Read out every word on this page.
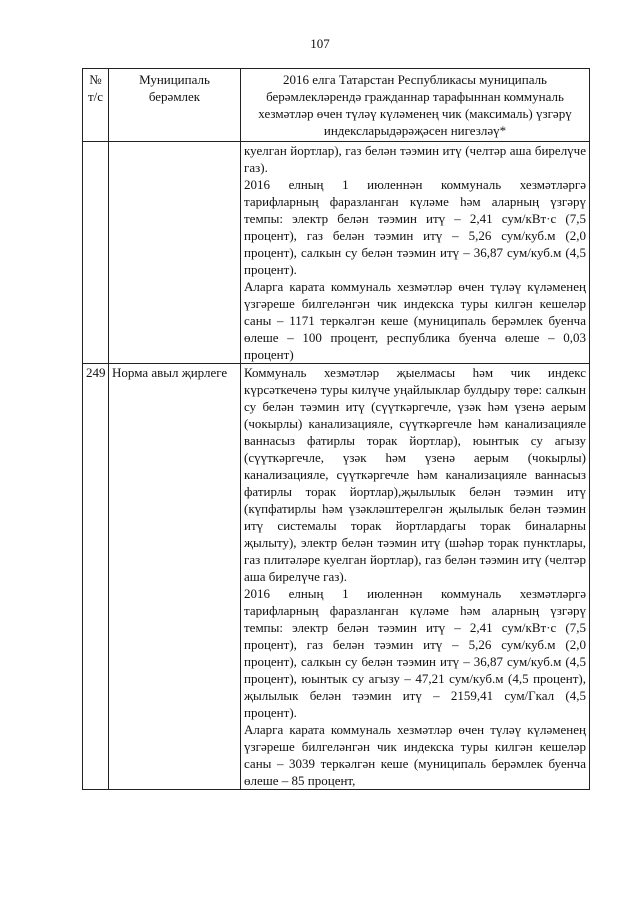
107
№ т/с	Муниципаль берәмлек	2016 елга Татарстан Республикасы муниципаль берәмлекләрендә гражданнар тарафыннан коммуналь хезмәтләр өчен түләү күләменең чик (максималь) үзгәрү индексларыдәрәҗәсен нигезләү*

		куелган йортлар), газ белән тәэмин итү (челтәр аша бирелүче газ).

2016 елның 1 июленнән коммуналь хезмәтләргә тарифларның фаразланган күләме һәм аларның үзгәрү темпы: электр белән тәэмин итү – 2,41 сум/кВт·с (7,5 процент), газ белән тәэмин итү – 5,26 сум/куб.м (2,0 процент), салкын су белән тәэмин итү – 36,87 сум/куб.м (4,5 процент).

Аларга карата коммуналь хезмәтләр өчен түләү күләменең үзгәреше билгеләнгән чик индекска туры килгән кешеләр саны – 1171 теркәлгән кеше (муниципаль берәмлек буенча өлеше – 100 процент, республика буенча өлеше – 0,03 процент)

249	Норма авыл җирлеге	Коммуналь хезмәтләр җыелмасы һәм чик индекс күрсәткеченә туры килүче уңайлыклар булдыру төре: салкын су белән тәэмин итү (сүүткәргечле, үзәк һәм үзенә аерым (чокырлы) канализацияле, сүүткәргечле һәм канализацияле ваннасыз фатирлы торак йортлар), юынтык су агызу (сүүткәргечле, үзәк һәм үзенә аерым (чокырлы) канализацияле, сүүткәргечле һәм канализацияле ваннасыз фатирлы торак йортлар),җылылык белән тәэмин итү (күпфатирлы һәм үзәкләштерелгән җылылык белән тәэмин итү системалы торак йортлардагы торак биналарны җылыту), электр белән тәэмин итү (шәһәр торак пунктлары, газ плитәләре куелган йортлар), газ белән тәэмин итү (челтәр аша бирелүче газ).

2016 елның 1 июленнән коммуналь хезмәтләргә тарифларның фаразланган күләме һәм аларның үзгәрү темпы: электр белән тәэмин итү – 2,41 сум/кВт·с (7,5 процент), газ белән тәэмин итү – 5,26 сум/куб.м (2,0 процент), салкын су белән тәэмин итү – 36,87 сум/куб.м (4,5 процент), юынтык су агызу – 47,21 сум/куб.м (4,5 процент), җылылык белән тәэмин итү – 2159,41 сум/Гкал (4,5 процент).

Аларга карата коммуналь хезмәтләр өчен түләү күләменең үзгәреше билгеләнгән чик индекска туры килгән кешеләр саны – 3039 теркәлгән кеше (муниципаль берәмлек буенча өлеше – 85 процент,
